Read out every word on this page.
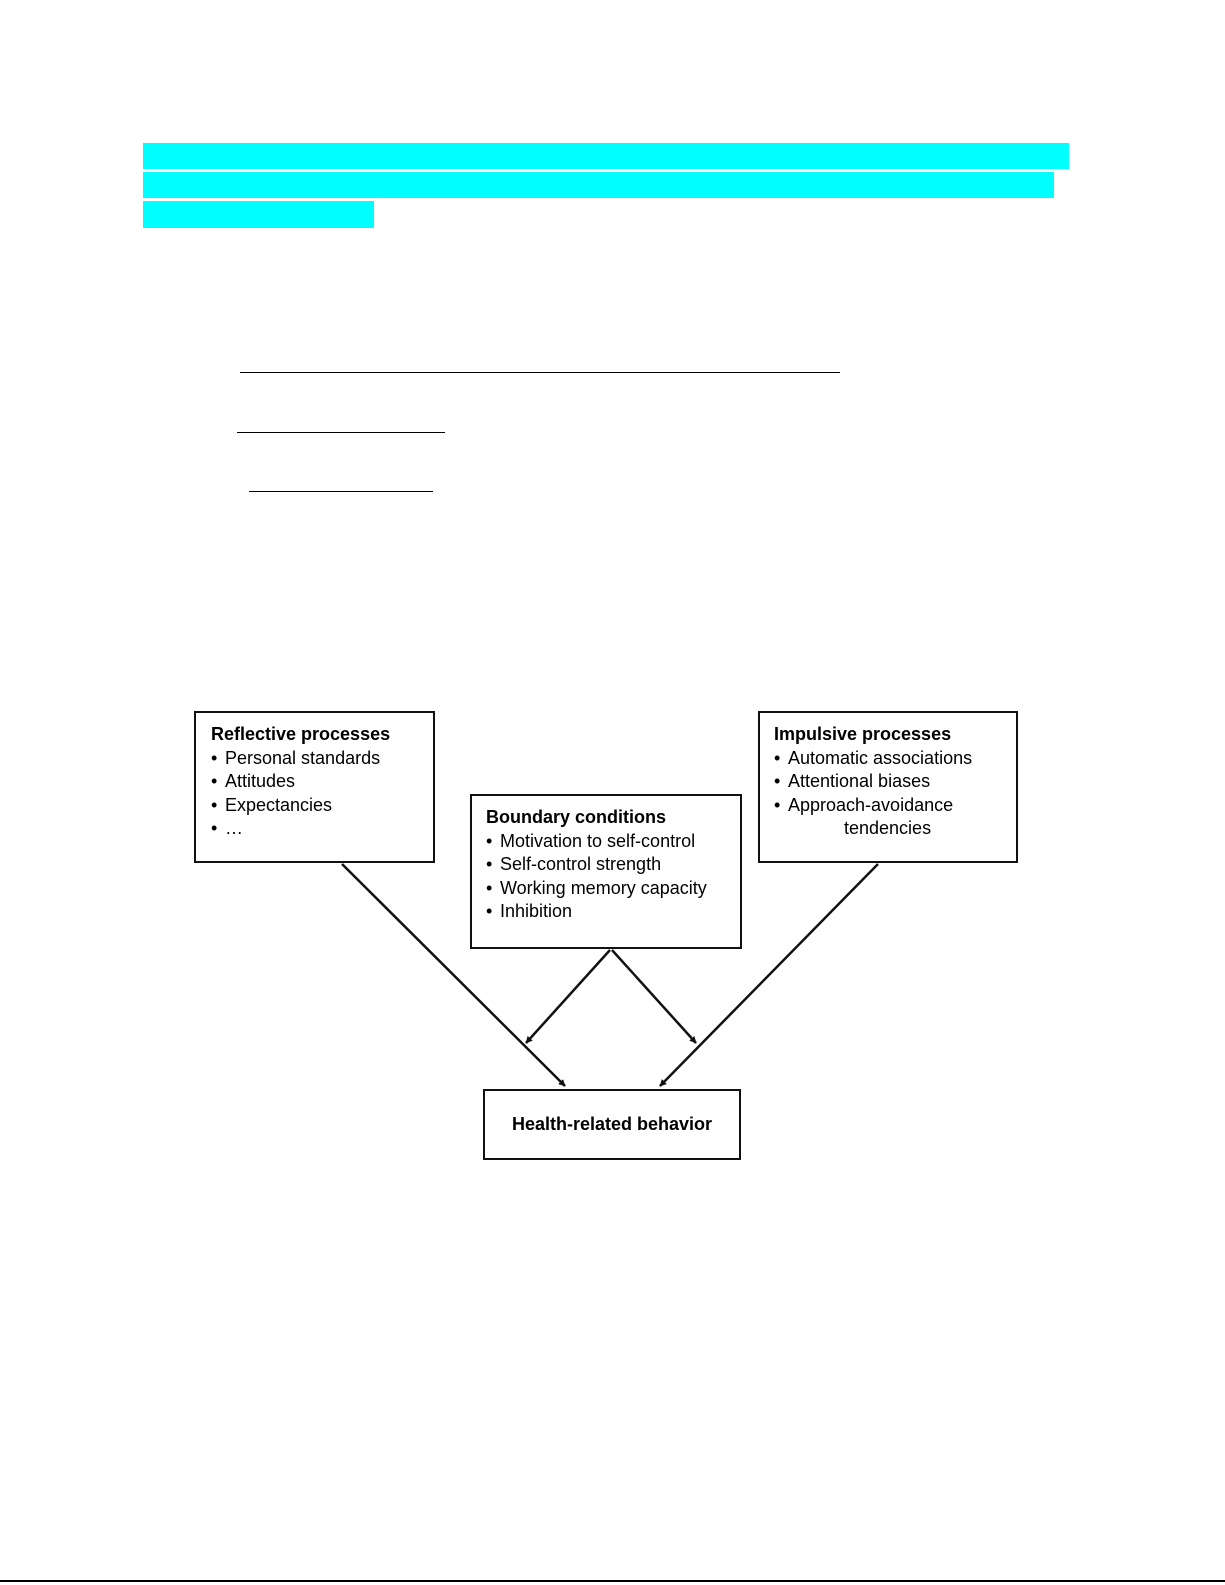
Reflective processes
• Personal standards
• Attitudes
• Expectancies
• …
Boundary conditions
• Motivation to self-control
• Self-control strength
• Working memory capacity
• Inhibition
Impulsive processes
• Automatic associations
• Attentional biases
• Approach-avoidance
tendencies
Health-related behavior
